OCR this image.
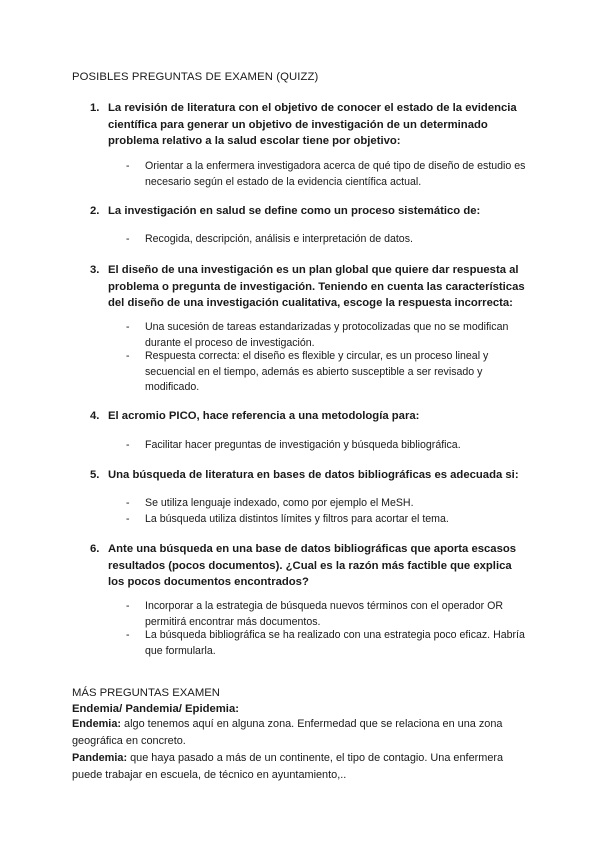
POSIBLES PREGUNTAS DE EXAMEN (QUIZZ)
1. La revisión de literatura con el objetivo de conocer el estado de la evidencia científica para generar un objetivo de investigación de un determinado problema relativo a la salud escolar tiene por objetivo:
- Orientar a la enfermera investigadora acerca de qué tipo de diseño de estudio es necesario según el estado de la evidencia científica actual.
2. La investigación en salud se define como un proceso sistemático de:
- Recogida, descripción, análisis e interpretación de datos.
3. El diseño de una investigación es un plan global que quiere dar respuesta al problema o pregunta de investigación. Teniendo en cuenta las características del diseño de una investigación cualitativa, escoge la respuesta incorrecta:
- Una sucesión de tareas estandarizadas y protocolizadas que no se modifican durante el proceso de investigación.
- Respuesta correcta: el diseño es flexible y circular, es un proceso lineal y secuencial en el tiempo, además es abierto susceptible a ser revisado y modificado.
4. El acromio PICO, hace referencia a una metodología para:
- Facilitar hacer preguntas de investigación y búsqueda bibliográfica.
5. Una búsqueda de literatura en bases de datos bibliográficas es adecuada si:
- Se utiliza lenguaje indexado, como por ejemplo el MeSH.
- La búsqueda utiliza distintos límites y filtros para acortar el tema.
6. Ante una búsqueda en una base de datos bibliográficas que aporta escasos resultados (pocos documentos). ¿Cual es la razón más factible que explica los pocos documentos encontrados?
- Incorporar a la estrategia de búsqueda nuevos términos con el operador OR permitirá encontrar más documentos.
- La búsqueda bibliográfica se ha realizado con una estrategia poco eficaz. Habría que formularla.
MÁS PREGUNTAS EXAMEN
Endemia/ Pandemia/ Epidemia:
Endemia: algo tenemos aquí en alguna zona. Enfermedad que se relaciona en una zona geográfica en concreto.
Pandemia: que haya pasado a más de un continente, el tipo de contagio. Una enfermera puede trabajar en escuela, de técnico en ayuntamiento,..
